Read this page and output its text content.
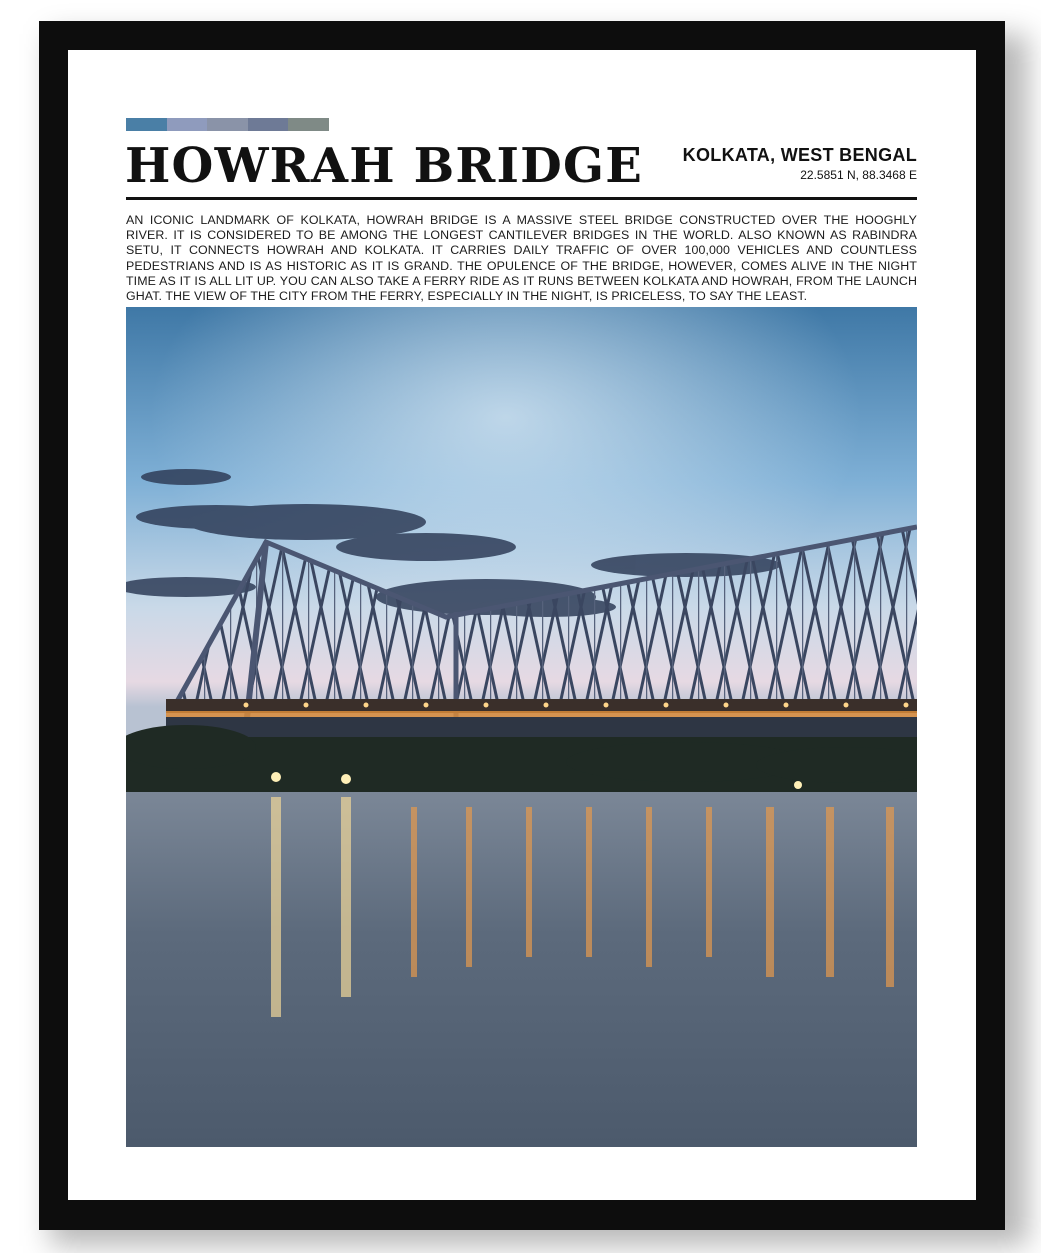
HOWRAH BRIDGE KOLKATA, WEST BENGAL
22.5851 N, 88.3468 E

AN ICONIC LANDMARK OF KOLKATA, HOWRAH BRIDGE IS A MASSIVE STEEL BRIDGE CONSTRUCTED OVER THE HOOGHLY RIVER. IT IS CONSIDERED TO BE AMONG THE LONGEST CANTILEVER BRIDGES IN THE WORLD. ALSO KNOWN AS RABINDRA SETU, IT CONNECTS HOWRAH AND KOLKATA. IT CARRIES DAILY TRAFFIC OF OVER 100,000 VEHICLES AND COUNTLESS PEDESTRIANS AND IS AS HISTORIC AS IT IS GRAND. THE OPULENCE OF THE BRIDGE, HOWEVER, COMES ALIVE IN THE NIGHT TIME AS IT IS ALL LIT UP. YOU CAN ALSO TAKE A FERRY RIDE AS IT RUNS BETWEEN KOLKATA AND HOWRAH, FROM THE LAUNCH GHAT. THE VIEW OF THE CITY FROM THE FERRY, ESPECIALLY IN THE NIGHT, IS PRICELESS, TO SAY THE LEAST.
